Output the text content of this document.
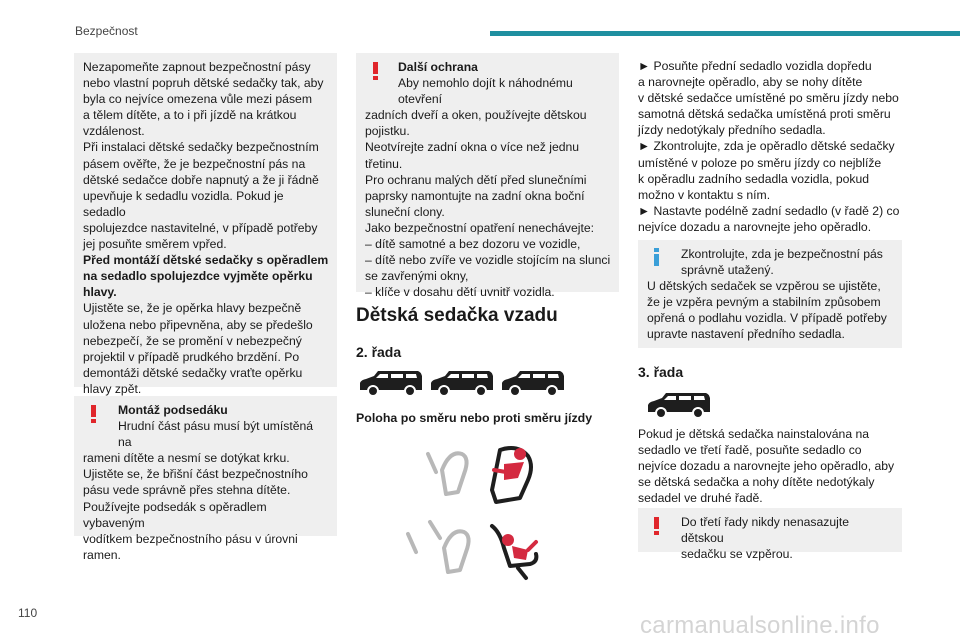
Bezpečnost
110	carmanualsonline.info

Nezapomeňte zapnout bezpečnostní pásy

nebo vlastní popruh dětské sedačky tak, aby

byla co nejvíce omezena vůle mezi pásem

a tělem dítěte, a to i při jízdě na krátkou

vzdálenost.

Při instalaci dětské sedačky bezpečnostním

pásem ověřte, že je bezpečnostní pás na

dětské sedačce dobře napnutý a že ji řádně

upevňuje k sedadlu vozidla. Pokud je sedadlo

spolujezdce nastavitelné, v případě potřeby

jej posuňte směrem vpřed.

Před montáží dětské sedačky s opěradlem

na sedadlo spolujezdce vyjměte opěrku

hlavy.

Ujistěte se, že je opěrka hlavy bezpečně

uložena nebo připevněna, aby se předešlo

nebezpečí, že se promění v nebezpečný

projektil v případě prudkého brzdění. Po

demontáži dětské sedačky vraťte opěrku

hlavy zpět.

Montáž podsedáku

Hrudní část pásu musí být umístěná na

rameni dítěte a nesmí se dotýkat krku.

Ujistěte se, že břišní část bezpečnostního

pásu vede správně přes stehna dítěte.

Používejte podsedák s opěradlem vybaveným

vodítkem bezpečnostního pásu v úrovni

ramen.

Další ochrana

Aby nemohlo dojít k náhodnému otevření

zadních dveří a oken, používejte dětskou

pojistku.

Neotvírejte zadní okna o více než jednu

třetinu.

Pro ochranu malých dětí před slunečními

paprsky namontujte na zadní okna boční

sluneční clony.

Jako bezpečnostní opatření nenechávejte:

– dítě samotné a bez dozoru ve vozidle,

– dítě nebo zvíře ve vozidle stojícím na slunci

se zavřenými okny,

– klíče v dosahu dětí uvnitř vozidla.

Dětská sedačka vzadu
2. řada
Poloha po směru nebo proti směru jízdy

► Posuňte přední sedadlo vozidla dopředu

a narovnejte opěradlo, aby se nohy dítěte

v dětské sedačce umístěné po směru jízdy nebo

samotná dětská sedačka umístěná proti směru

jízdy nedotýkaly předního sedadla.

► Zkontrolujte, zda je opěradlo dětské sedačky

umístěné v poloze po směru jízdy co nejblíže

k opěradlu zadního sedadla vozidla, pokud

možno v kontaktu s ním.

► Nastavte podélně zadní sedadlo (v řadě 2) co

nejvíce dozadu a narovnejte jeho opěradlo.

Zkontrolujte, zda je bezpečnostní pás

správně utažený.

U dětských sedaček se vzpěrou se ujistěte,

že je vzpěra pevným a stabilním způsobem

opřená o podlahu vozidla. V případě potřeby

upravte nastavení předního sedadla.

3. řada

Pokud je dětská sedačka nainstalována na

sedadlo ve třetí řadě, posuňte sedadlo co

nejvíce dozadu a narovnejte jeho opěradlo, aby

se dětská sedačka a nohy dítěte nedotýkaly

sedadel ve druhé řadě.

Do třetí řady nikdy nenasazujte dětskou

sedačku se vzpěrou.
